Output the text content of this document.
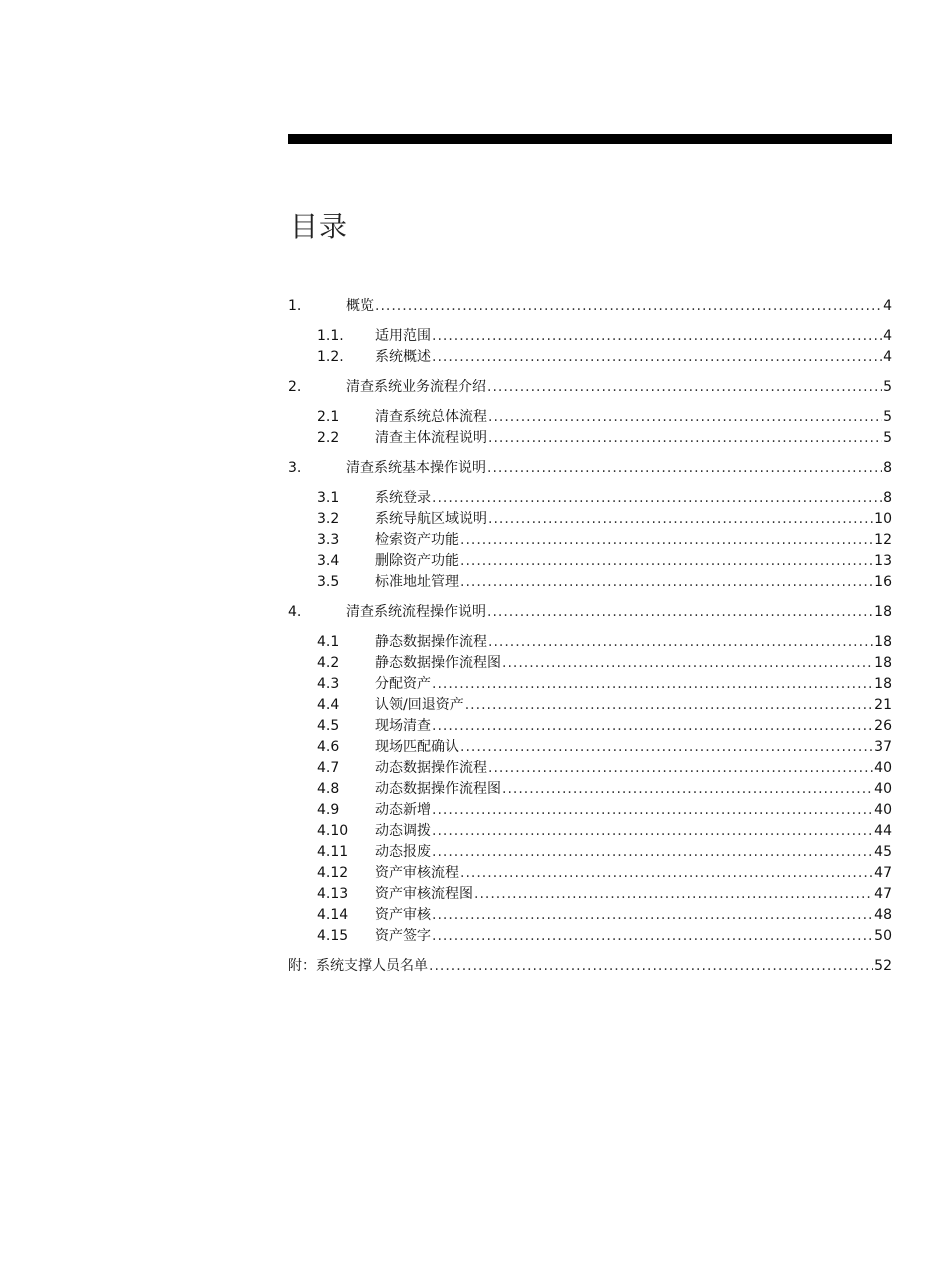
目录
1.	概览 .....	4
1.1.	适用范围 .....	4
1.2.	系统概述 .....	4
2.	清查系统业务流程介绍 .....	5
2.1	清查系统总体流程 .....	5
2.2	清查主体流程说明 .....	5
3.	清查系统基本操作说明 .....	8
3.1	系统登录 .....	8
3.2	系统导航区域说明 .....	10
3.3	检索资产功能 .....	12
3.4	删除资产功能 .....	13
3.5	标准地址管理 .....	16
4.	清查系统流程操作说明 .....	18
4.1	静态数据操作流程 .....	18
4.2	静态数据操作流程图 .....	18
4.3	分配资产 .....	18
4.4	认领/回退资产 .....	21
4.5	现场清查 .....	26
4.6	现场匹配确认 .....	37
4.7	动态数据操作流程 .....	40
4.8	动态数据操作流程图 .....	40
4.9	动态新增 .....	40
4.10	动态调拨 .....	44
4.11	动态报废 .....	45
4.12	资产审核流程 .....	47
4.13	资产审核流程图 .....	47
4.14	资产审核 .....	48
4.15	资产签字 .....	50
附：系统支撑人员名单 .....	52
